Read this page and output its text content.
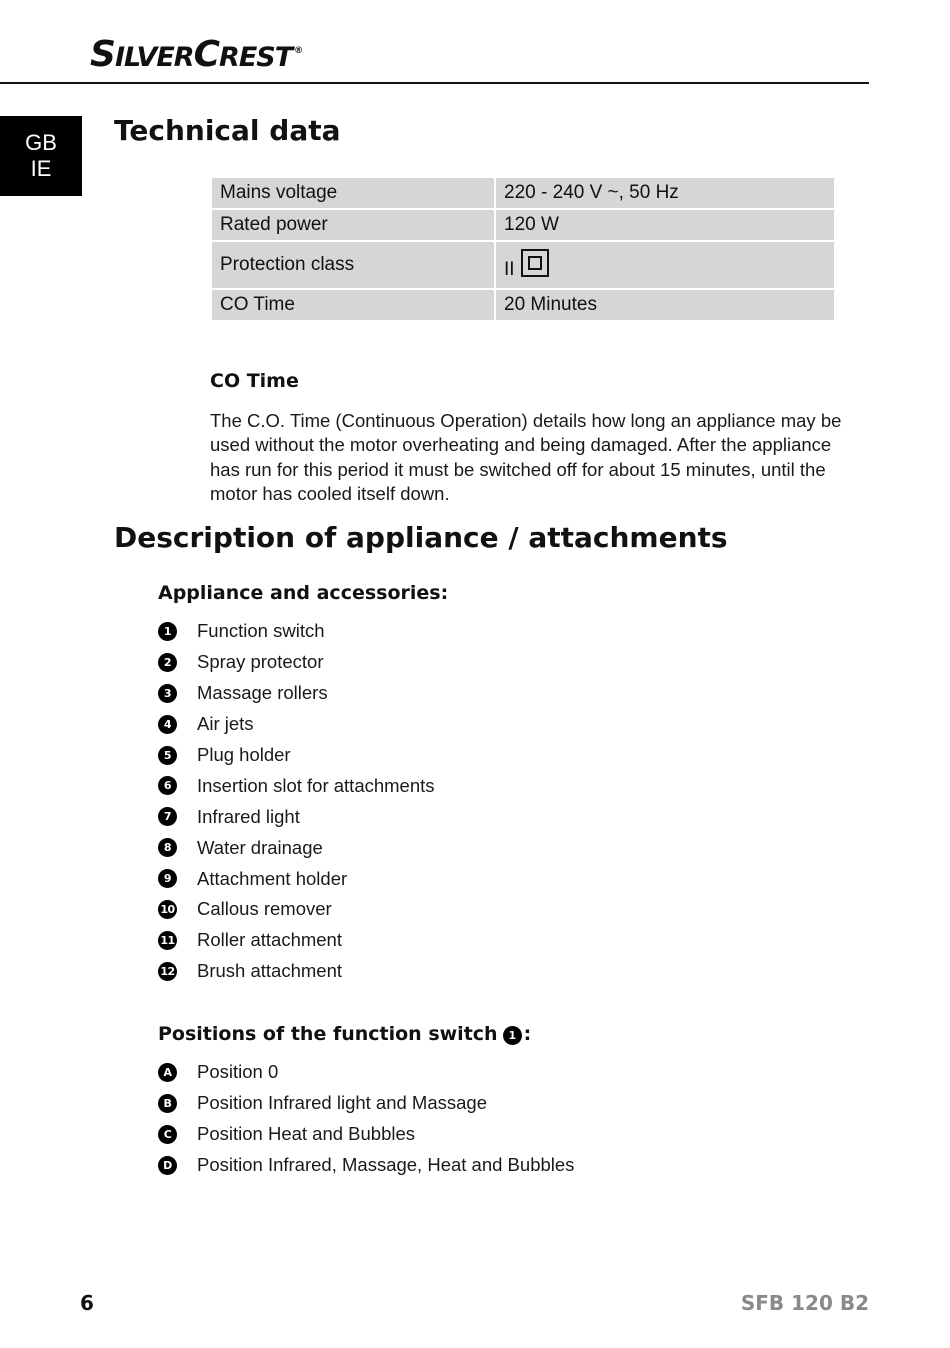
SILVERCREST ®
GB
IE
Technical data
Mains voltage	220 - 240 V ~, 50 Hz
Rated power	120 W
Protection class	II

CO Time	20 Minutes
CO Time

The C.O. Time (Continuous Operation) details how long an appliance may be used without the motor overheating and being damaged. After the appliance has run for this period it must be switched off for about 15 minutes, until the motor has cooled itself down.

Description of appliance / attachments
Appliance and accessories:
1	Function switch
2	Spray protector
3	Massage rollers
4	Air jets
5	Plug holder
6	Insertion slot for attachments
7	Infrared light
8	Water drainage
9	Attachment holder
10 Callous remover
11 Roller attachment
12 Brush attachment
Positions of the function switch 1 :
A Position 0
B	Position Infrared light and Massage
C	Position Heat and Bubbles
D Position Infrared, Massage, Heat and Bubbles
6	SFB 120 B2
